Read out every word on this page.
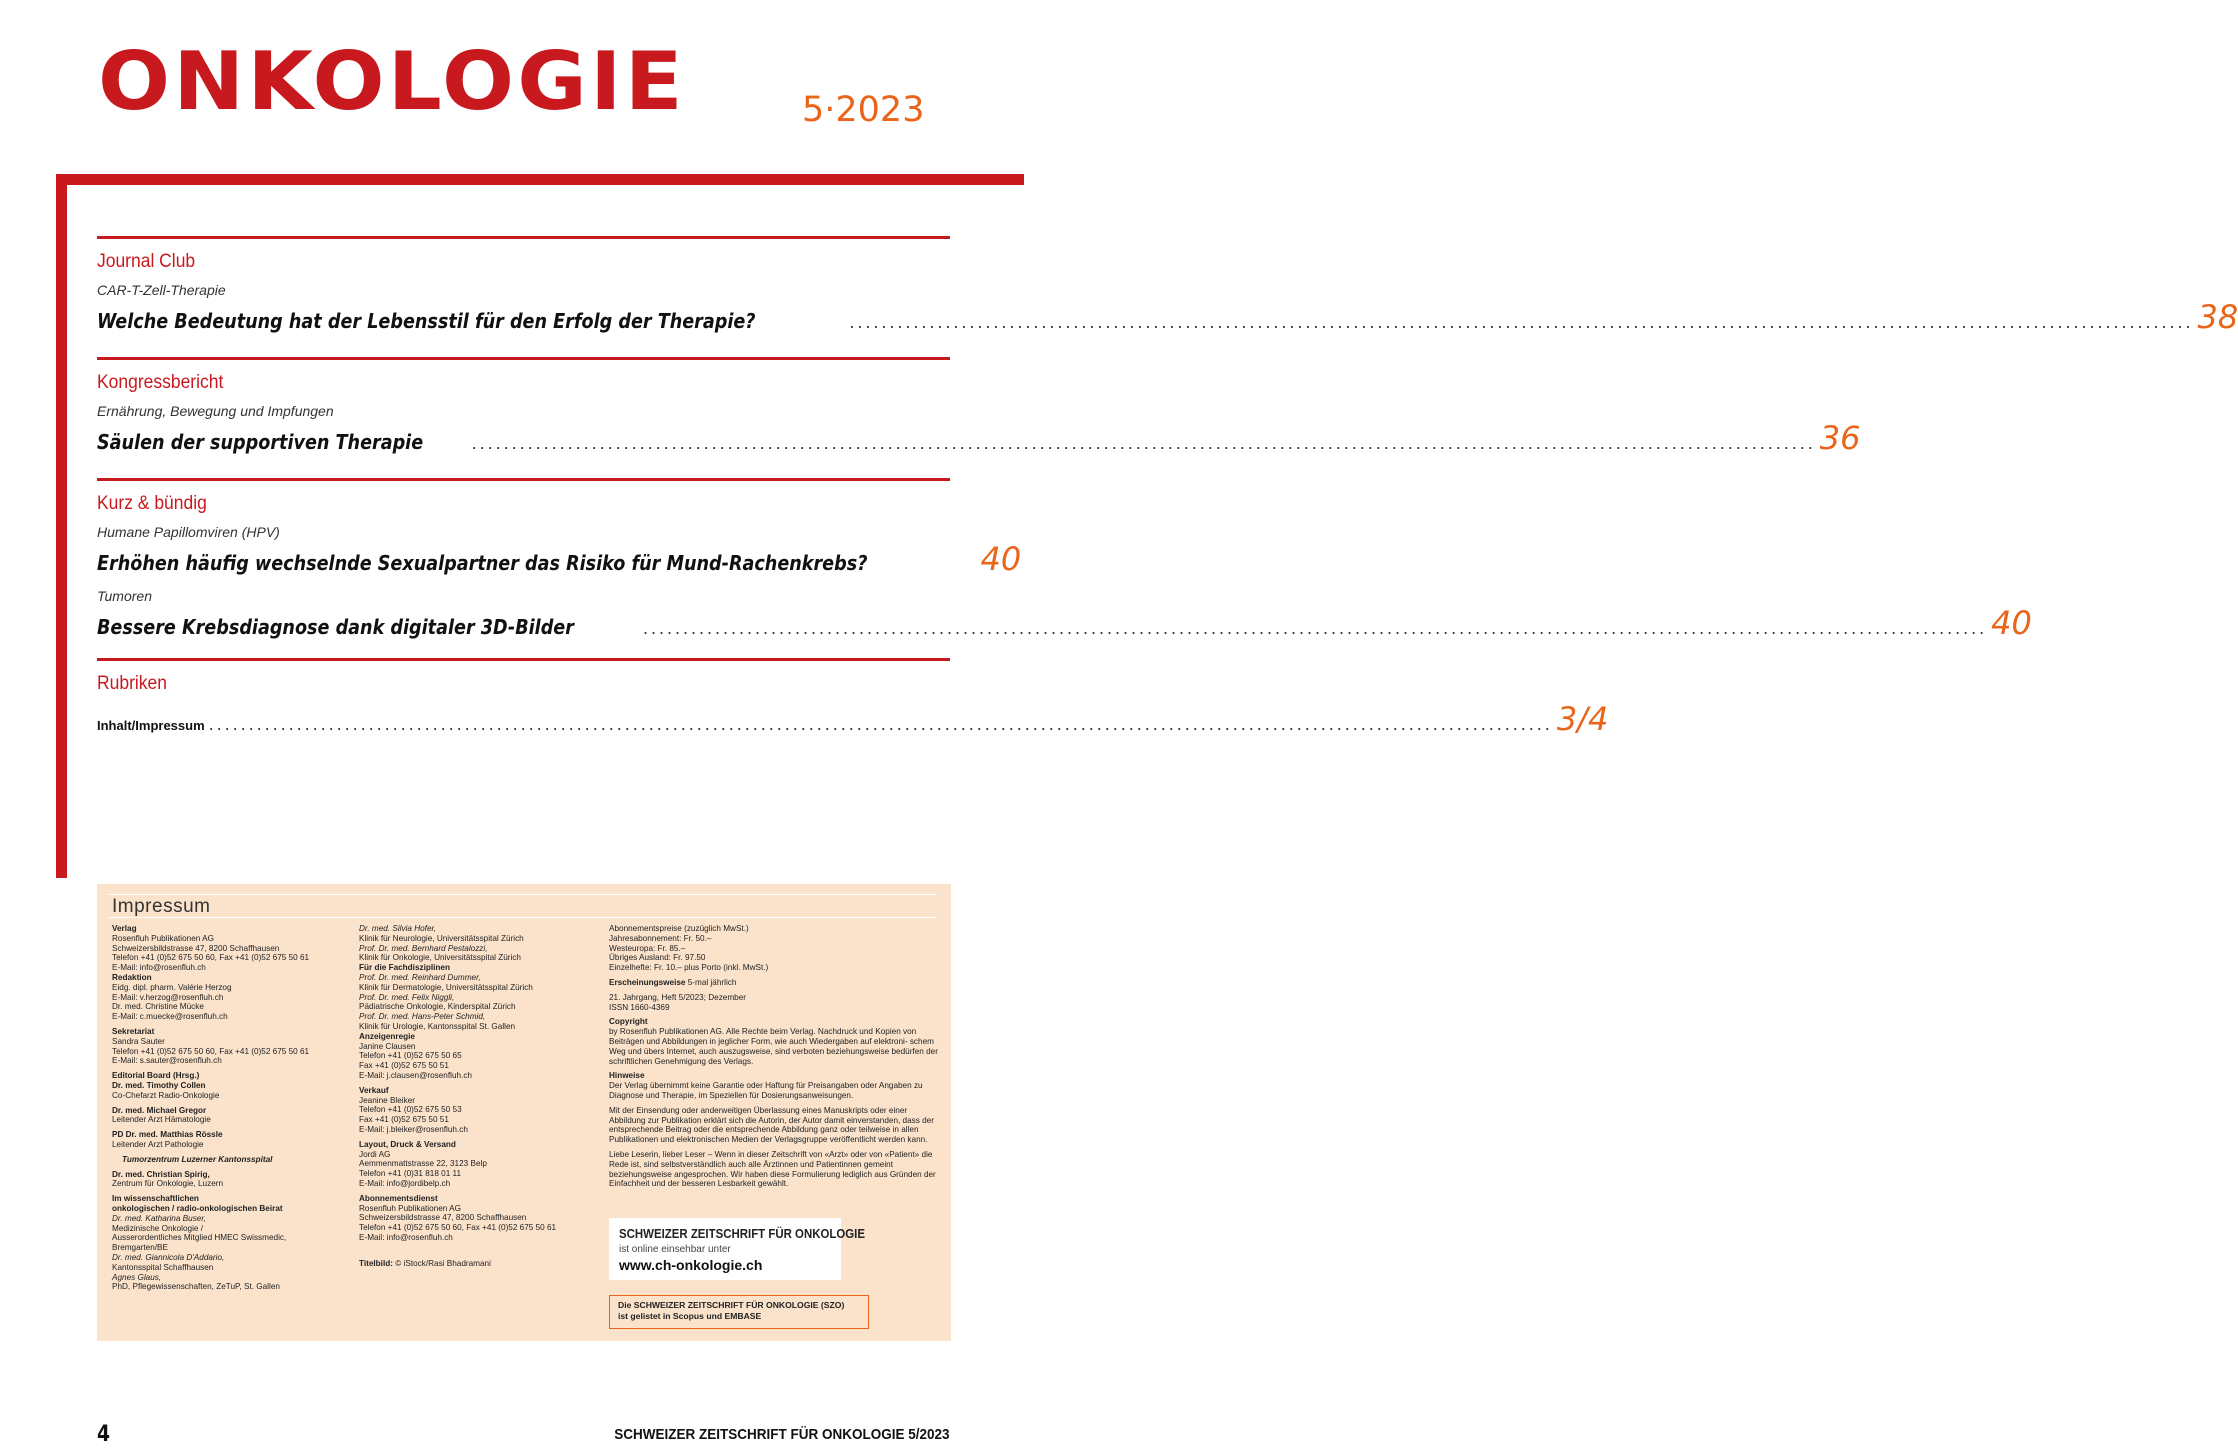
ONKOLOGIE	5·2023
Journal Club
CAR-T-Zell-Therapie
Welche Bedeutung hat der Lebensstil für den Erfolg der Therapie? .....	38
Kongressbericht
Ernährung, Bewegung und Impfungen
Säulen der supportiven Therapie .....	36
Kurz & bündig
Humane Papillomviren (HPV)
Erhöhen häufig wechselnde Sexualpartner das Risiko für Mund-Rachenkrebs?	40
Tumoren
Bessere Krebsdiagnose dank digitaler 3D-Bilder .....	40
Rubriken
Inhalt/Impressum .....	3/4
Impressum
Verlag
Rosenfluh Publikationen AG
Schweizersbildstrasse 47, 8200 Schaffhausen
Telefon +41 (0)52 675 50 60, Fax +41 (0)52 675 50 61
E-Mail: info@rosenfluh.ch
Redaktion
Eidg. dipl. pharm. Valérie Herzog
E-Mail: v.herzog@rosenfluh.ch
Dr. med. Christine Mücke
E-Mail: c.muecke@rosenfluh.ch
Sekretariat
Sandra Sauter
Telefon +41 (0)52 675 50 60, Fax +41 (0)52 675 50 61
E-Mail: s.sauter@rosenfluh.ch
Editorial Board (Hrsg.)
Dr. med. Timothy Collen
Co-Chefarzt Radio-Onkologie
Dr. med. Michael Gregor
Leitender Arzt Hämatologie
PD Dr. med. Matthias Rössle
Leitender Arzt Pathologie
Tumorzentrum Luzerner Kantonsspital
Dr. med. Christian Spirig,
Zentrum für Onkologie, Luzern
Im wissenschaftlichen
onkologischen / radio-onkologischen Beirat
Dr. med. Katharina Buser,
Medizinische Onkologie /
Ausserordentliches Mitglied HMEC Swissmedic,
Bremgarten/BE
Dr. med. Giannicola D'Addario,
Kantonsspital Schaffhausen
Agnes Glaus,
PhD, Pflegewissenschaften, ZeTuP, St. Gallen
Dr. med. Silvia Hofer,
Klinik für Neurologie, Universitätsspital Zürich
Prof. Dr. med. Bernhard Pestalozzi,
Klinik für Onkologie, Universitätsspital Zürich
Für die Fachdisziplinen
Prof. Dr. med. Reinhard Dummer,
Klinik für Dermatologie, Universitätsspital Zürich
Prof. Dr. med. Felix Niggli,
Pädiatrische Onkologie, Kinderspital Zürich
Prof. Dr. med. Hans-Peter Schmid,
Klinik für Urologie, Kantonsspital St. Gallen
Anzeigenregie
Janine Clausen
Telefon +41 (0)52 675 50 65
Fax +41 (0)52 675 50 51
E-Mail: j.clausen@rosenfluh.ch
Verkauf
Jeanine Bleiker
Telefon +41 (0)52 675 50 53
Fax +41 (0)52 675 50 51
E-Mail: j.bleiker@rosenfluh.ch
Layout, Druck & Versand
Jordi AG
Aemmenmattstrasse 22, 3123 Belp
Telefon +41 (0)31 818 01 11
E-Mail: info@jordibelp.ch
Abonnementsdienst
Rosenfluh Publikationen AG
Schweizersbildstrasse 47, 8200 Schaffhausen
Telefon +41 (0)52 675 50 60, Fax +41 (0)52 675 50 61
E-Mail: info@rosenfluh.ch
Titelbild: © iStock/Rasi Bhadramani
Abonnementspreise (zuzüglich MwSt.)
Jahresabonnement: Fr. 50.–
Westeuropa: Fr. 85.–
Übriges Ausland: Fr. 97.50
Einzelhefte: Fr. 10.– plus Porto (inkl. MwSt.)
Erscheinungsweise 5-mal jährlich
21. Jahrgang, Heft 5/2023; Dezember
ISSN 1660-4369
Copyright
by Rosenfluh Publikationen AG. Alle Rechte beim Verlag. Nachdruck und Kopien von Beiträgen und Abbildungen in jeglicher Form, wie auch Wiedergaben auf elektroni- schem Weg und übers Internet, auch auszugsweise, sind verboten beziehungsweise bedürfen der schriftlichen Genehmigung des Verlags.
Hinweise
Der Verlag übernimmt keine Garantie oder Haftung für Preisangaben oder Angaben zu Diagnose und Therapie, im Speziellen für Dosierungsanweisungen.
Mit der Einsendung oder anderweitigen Überlassung eines Manuskripts oder einer Abbildung zur Publikation erklärt sich die Autorin, der Autor damit einverstanden, dass der entsprechende Beitrag oder die entsprechende Abbildung ganz oder teilweise in allen Publikationen und elektronischen Medien der Verlagsgruppe veröffentlicht werden kann.
Liebe Leserin, lieber Leser – Wenn in dieser Zeitschrift von «Arzt» oder von «Patient» die Rede ist, sind selbstverständlich auch alle Ärztinnen und Patientinnen gemeint beziehungsweise angesprochen. Wir haben diese Formulierung lediglich aus Gründen der Einfachheit und der besseren Lesbarkeit gewählt.
SCHWEIZER ZEITSCHRIFT FÜR ONKOLOGIE
ist online einsehbar unter
www.ch-onkologie.ch
Die SCHWEIZER ZEITSCHRIFT FÜR ONKOLOGIE (SZO)
ist gelistet in Scopus und EMBASE
4	SCHWEIZER ZEITSCHRIFT FÜR ONKOLOGIE 5/2023
